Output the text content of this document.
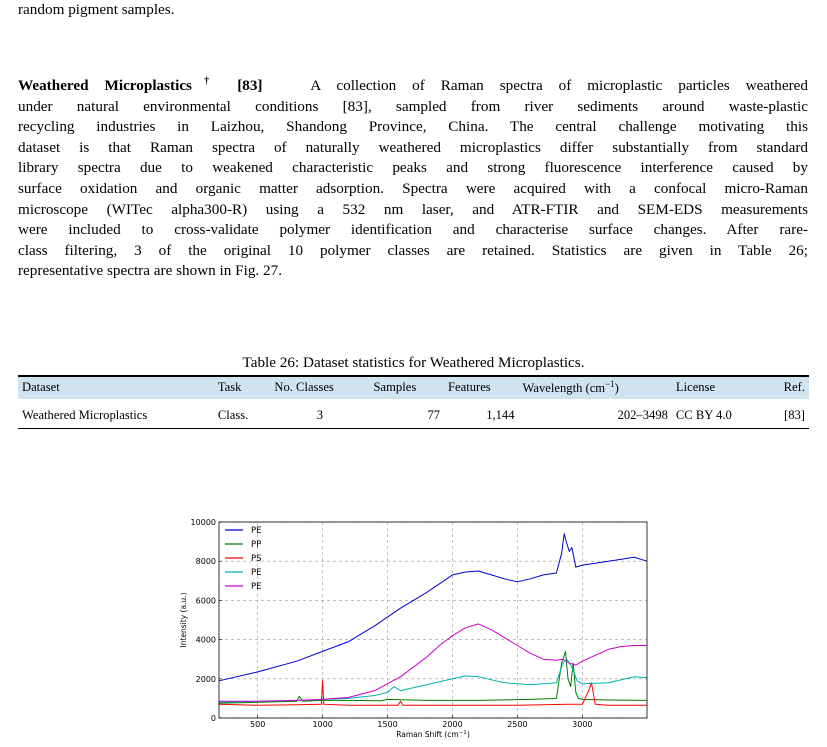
random pigment samples.
Weathered Microplastics† [83]	A collection of Raman spectra of microplastic particles weathered
under natural environmental conditions [83], sampled from river sediments around waste-plastic
recycling industries in Laizhou, Shandong Province, China. The central challenge motivating this
dataset is that Raman spectra of naturally weathered microplastics differ substantially from standard
library spectra due to weakened characteristic peaks and strong fluorescence interference caused by
surface oxidation and organic matter adsorption. Spectra were acquired with a confocal micro-Raman
microscope (WITec alpha300-R) using a 532 nm laser, and ATR-FTIR and SEM-EDS measurements
were included to cross-validate polymer identification and characterise surface changes. After rare-
class filtering, 3 of the original 10 polymer classes are retained. Statistics are given in Table 26;
representative spectra are shown in Fig. 27.
Table 26: Dataset statistics for Weathered Microplastics.
Dataset	Task	No. Classes	Samples	Features	Wavelength $(cm^{-1})$	License	Ref.
Weathered Microplastics	Class.	3	77	1,144	202–3498	CC BY 4.0	[83]
500	1000	1500	2000	2500	3000
0
2000
4000
6000
8000
10000
PE
PP
PS
PE
PE
Intensity (a.u.)
Raman Shift $(cm^{-1})$
